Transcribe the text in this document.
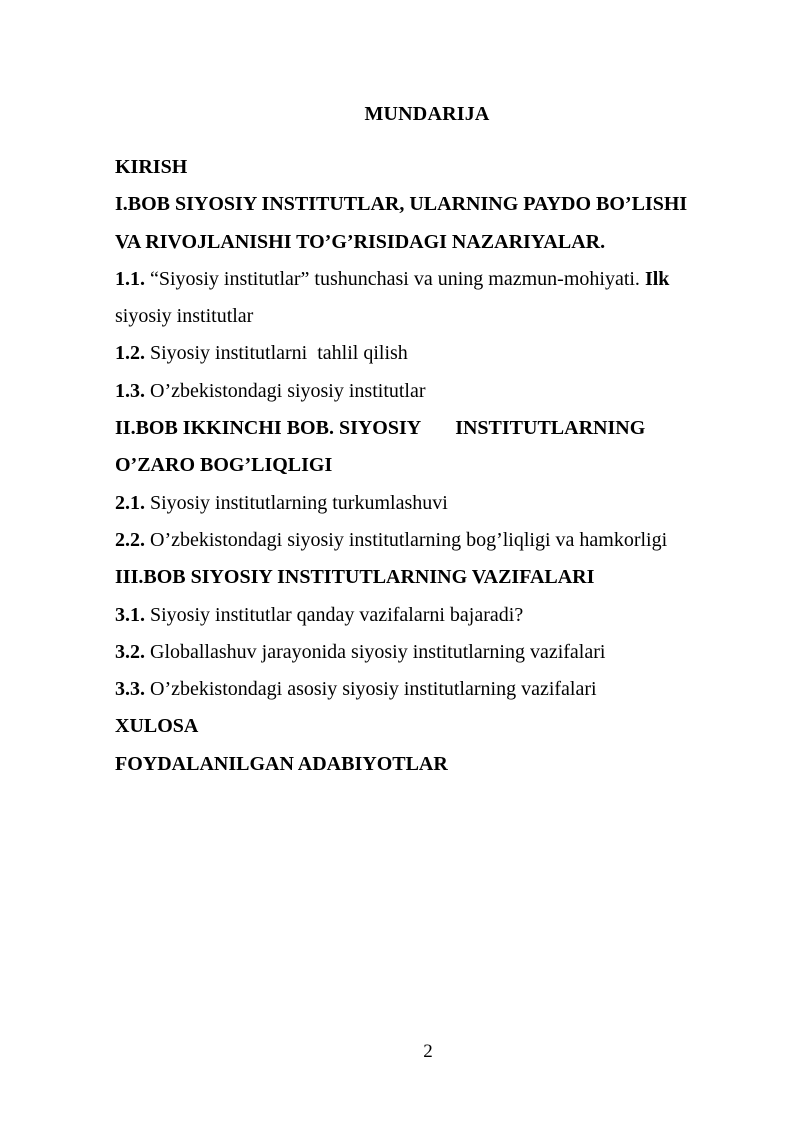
MUNDARIJA
KIRISH
I.BOB SIYOSIY INSTITUTLAR, ULARNING PAYDO BO’LISHI
VA RIVOJLANISHI TO’G’RISIDAGI NAZARIYALAR.
1.1. “Siyosiy institutlar” tushunchasi va uning mazmun-mohiyati. Ilk
siyosiy institutlar
1.2. Siyosiy institutlarni  tahlil qilish
1.3. O’zbekistondagi siyosiy institutlar
II.BOB IKKINCHI BOB. SIYOSIY INSTITUTLARNING
O’ZARO BOG’LIQLIGI
2.1. Siyosiy institutlarning turkumlashuvi
2.2. O’zbekistondagi siyosiy institutlarning bog’liqligi va hamkorligi
III.BOB SIYOSIY INSTITUTLARNING VAZIFALARI
3.1. Siyosiy institutlar qanday vazifalarni bajaradi?
3.2. Globallashuv jarayonida siyosiy institutlarning vazifalari
3.3. O’zbekistondagi asosiy siyosiy institutlarning vazifalari
XULOSA
FOYDALANILGAN ADABIYOTLAR
2
